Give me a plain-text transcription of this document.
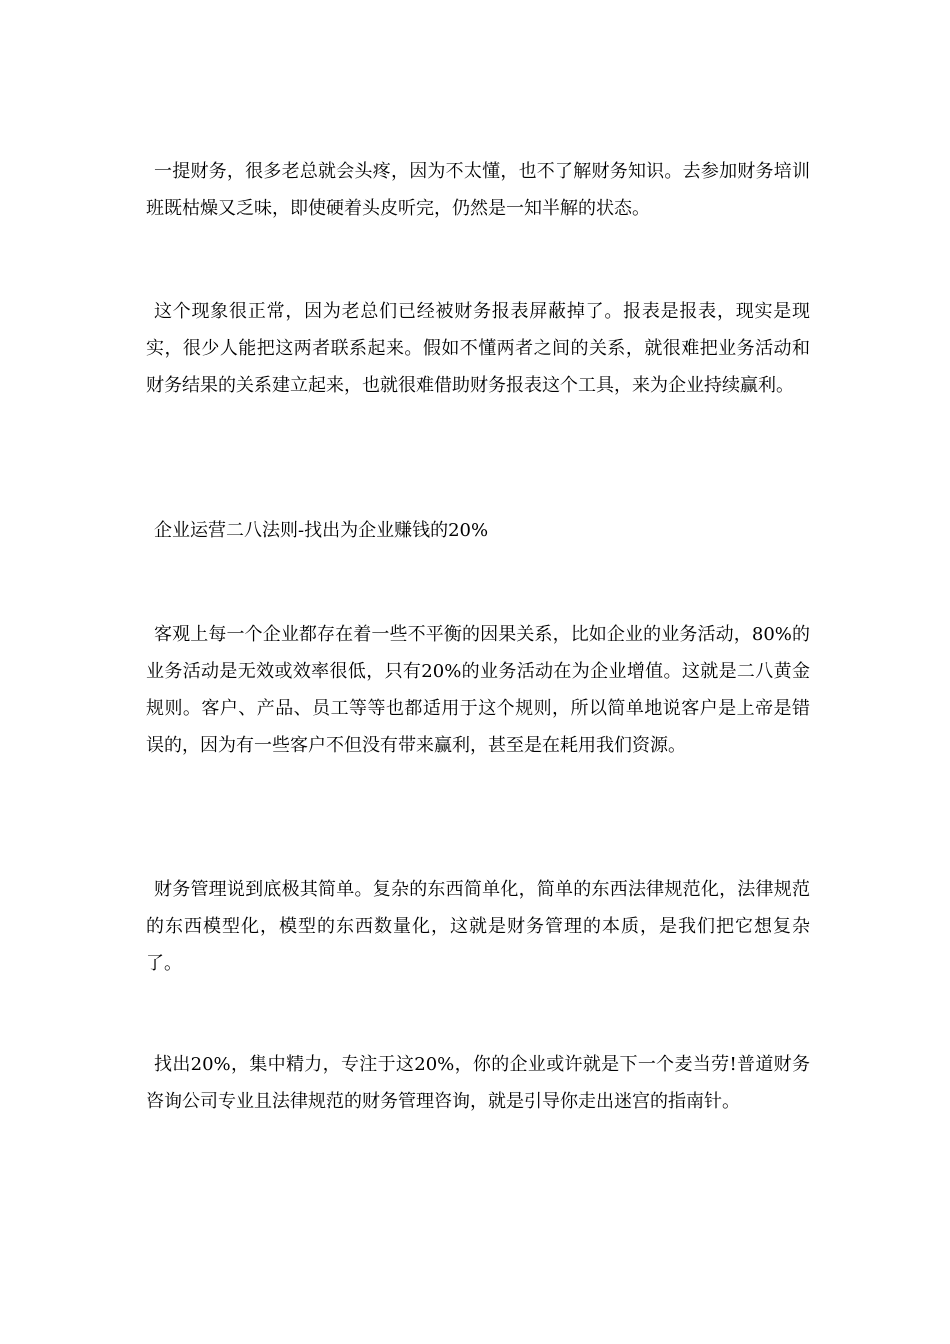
一提财务，很多老总就会头疼，因为不太懂，也不了解财务知识。去参加财务培训班既枯燥又乏味，即使硬着头皮听完，仍然是一知半解的状态。

这个现象很正常，因为老总们已经被财务报表屏蔽掉了。报表是报表，现实是现实，很少人能把这两者联系起来。假如不懂两者之间的关系，就很难把业务活动和财务结果的关系建立起来，也就很难借助财务报表这个工具，来为企业持续赢利。

企业运营二八法则-找出为企业赚钱的20%

客观上每一个企业都存在着一些不平衡的因果关系，比如企业的业务活动，80%的业务活动是无效或效率很低，只有20%的业务活动在为企业增值。这就是二八黄金规则。客户、产品、员工等等也都适用于这个规则，所以简单地说客户是上帝是错误的，因为有一些客户不但没有带来赢利，甚至是在耗用我们资源。

财务管理说到底极其简单。复杂的东西简单化，简单的东西法律规范化，法律规范的东西模型化，模型的东西数量化，这就是财务管理的本质，是我们把它想复杂了。

找出20%，集中精力，专注于这20%，你的企业或许就是下一个麦当劳!普道财务咨询公司专业且法律规范的财务管理咨询，就是引导你走出迷宫的指南针。
